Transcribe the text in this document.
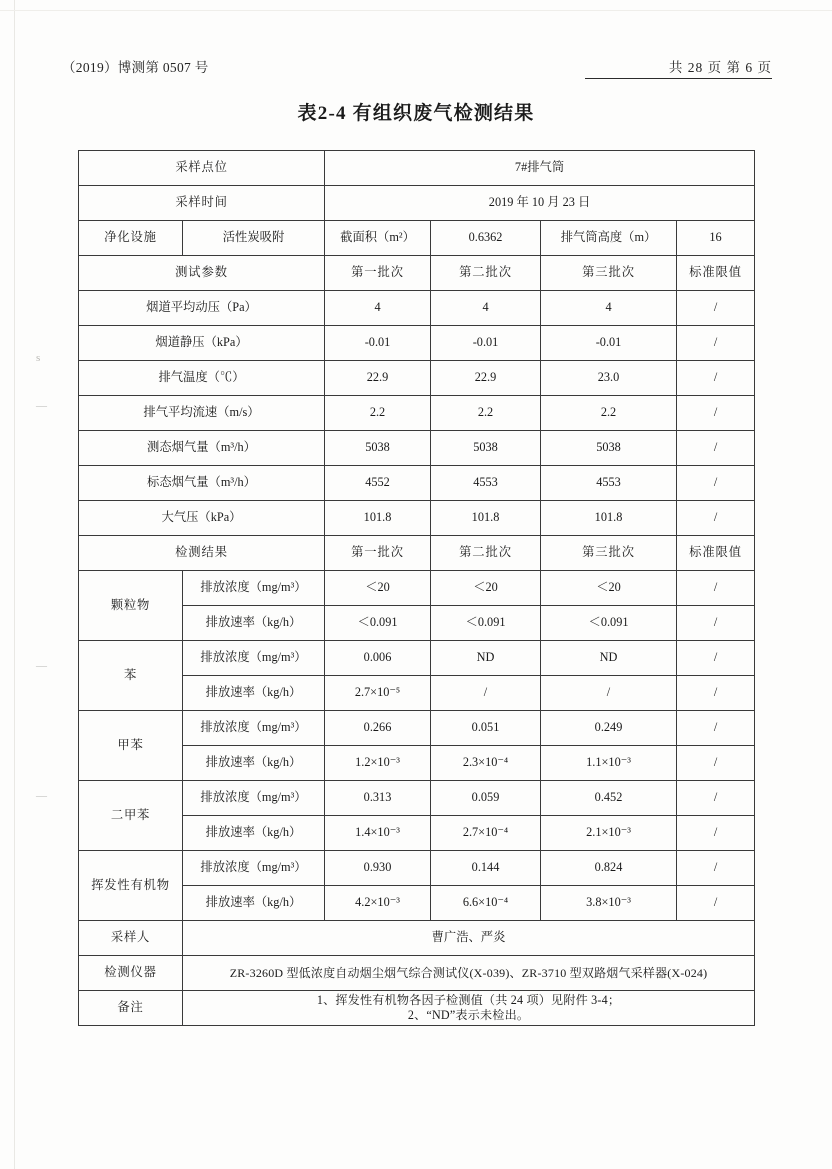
（2019）博测第 0507 号	共 28 页 第 6 页
表2-4 有组织废气检测结果
s
—
—
—
采样点位		7#排气筒			
采样时间		2019 年 10 月 23 日			
净化设施	活性炭吸附	截面积（m²）	0.6362	排气筒高度（m）	16
测试参数		第一批次	第二批次	第三批次	标准限值
烟道平均动压（Pa）		4	4	4	/
烟道静压（kPa）		-0.01	-0.01	-0.01	/
排气温度（℃）		22.9	22.9	23.0	/
排气平均流速（m/s）		2.2	2.2	2.2	/
测态烟气量（m³/h）		5038	5038	5038	/
标态烟气量（m³/h）		4552	4553	4553	/
大气压（kPa）		101.8	101.8	101.8	/
检测结果		第一批次	第二批次	第三批次	标准限值
颗粒物	排放浓度（mg/m³）	＜20	＜20	＜20	/
	排放速率（kg/h）	＜0.091	＜0.091	＜0.091	/
苯	排放浓度（mg/m³）	0.006	ND	ND	/
	排放速率（kg/h）	2.7×10⁻⁵	/	/	/
甲苯	排放浓度（mg/m³）	0.266	0.051	0.249	/
	排放速率（kg/h）	1.2×10⁻³	2.3×10⁻⁴	1.1×10⁻³	/
二甲苯	排放浓度（mg/m³）	0.313	0.059	0.452	/
	排放速率（kg/h）	1.4×10⁻³	2.7×10⁻⁴	2.1×10⁻³	/
挥发性有机物	排放浓度（mg/m³）	0.930	0.144	0.824	/
	排放速率（kg/h）	4.2×10⁻³	6.6×10⁻⁴	3.8×10⁻³	/
采样人	曹广浩、严炎				
检测仪器	ZR-3260D 型低浓度自动烟尘烟气综合测试仪(X-039)、ZR-3710 型双路烟气采样器(X-024)				
备注	1、挥发性有机物各因子检测值（共 24 项）见附件 3-4；
2、“ND”表示未检出。				
